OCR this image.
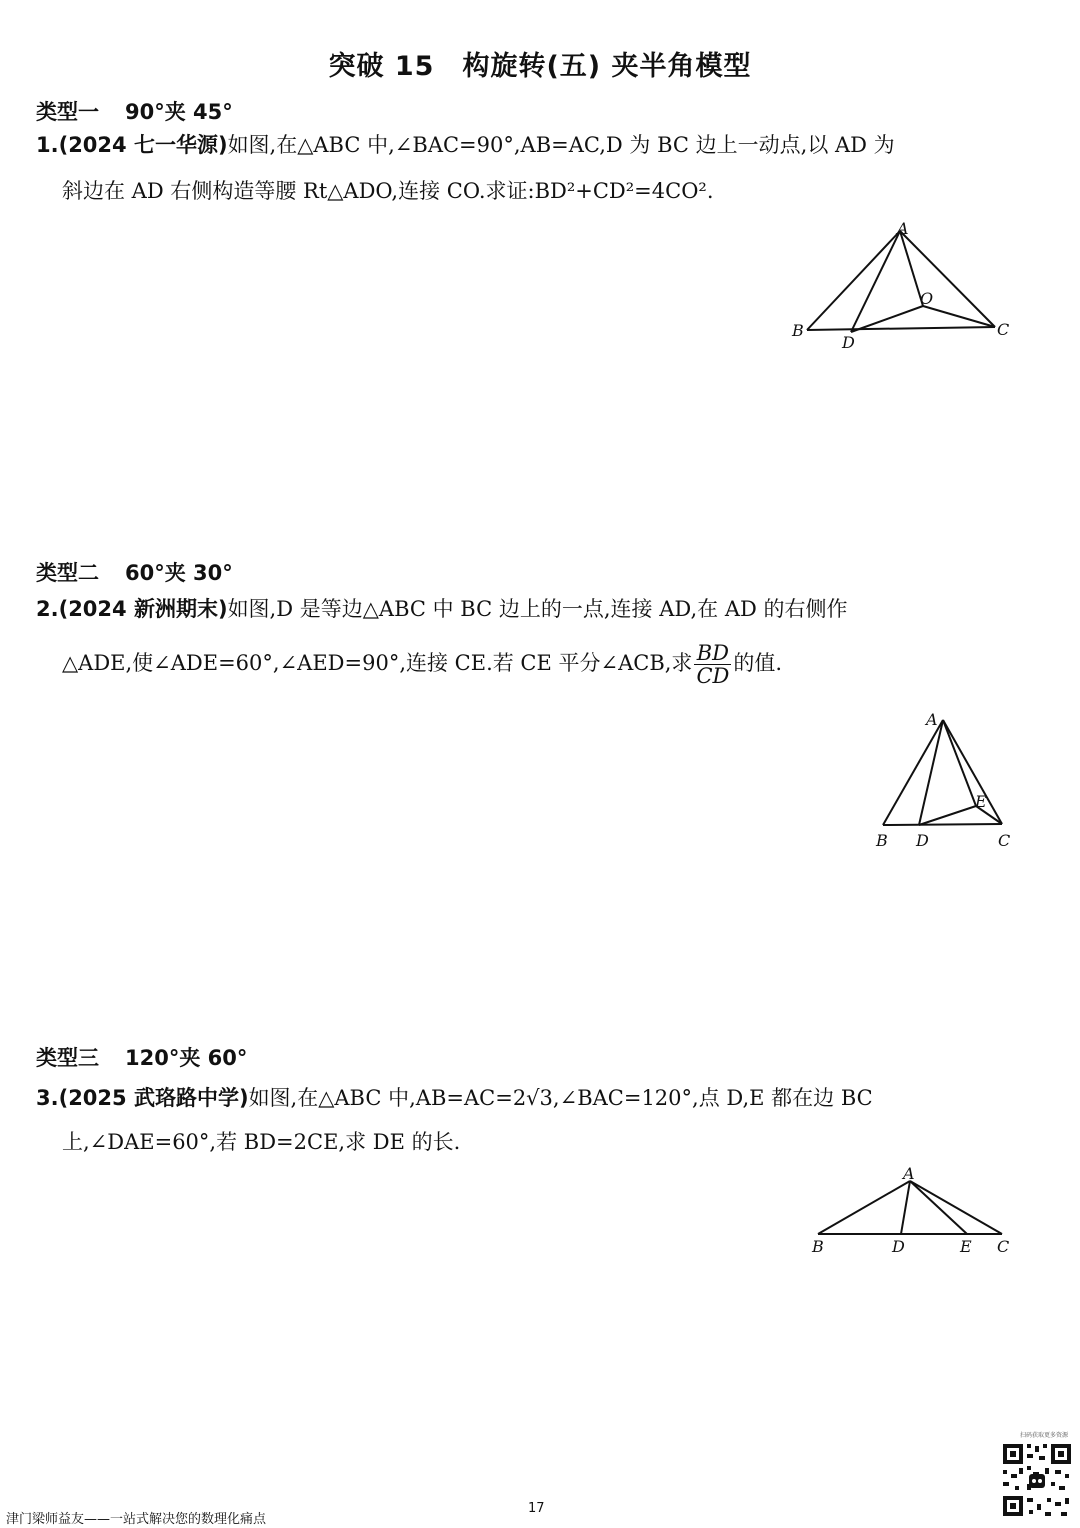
突破 15　构旋转(五) 夹半角模型
类型一 90°夹 45°
1.(2024 七一华源)如图,在△ABC 中,∠BAC=90°,AB=AC,D 为 BC 边上一动点,以 AD 为
斜边在 AD 右侧构造等腰 Rt△ADO,连接 CO.求证:BD²+CD²=4CO².
A
O
B
D
C
类型二 60°夹 30°
2.(2024 新洲期末)如图,D 是等边△ABC 中 BC 边上的一点,连接 AD,在 AD 的右侧作
△ADE,使∠ADE=60°,∠AED=90°,连接 CE.若 CE 平分∠ACB,求 $\frac{BD}{CD}$ 的值.
A
E
B D	C
类型三 120°夹 60°
3.(2025 武珞路中学)如图,在△ABC 中,AB=AC=2√3,∠BAC=120°,点 D,E 都在边 BC
上,∠DAE=60°,若 BD=2CE,求 DE 的长.
A
B	D	E C
扫码获取更多资源
17
津门梁师益友——一站式解决您的数理化痛点
